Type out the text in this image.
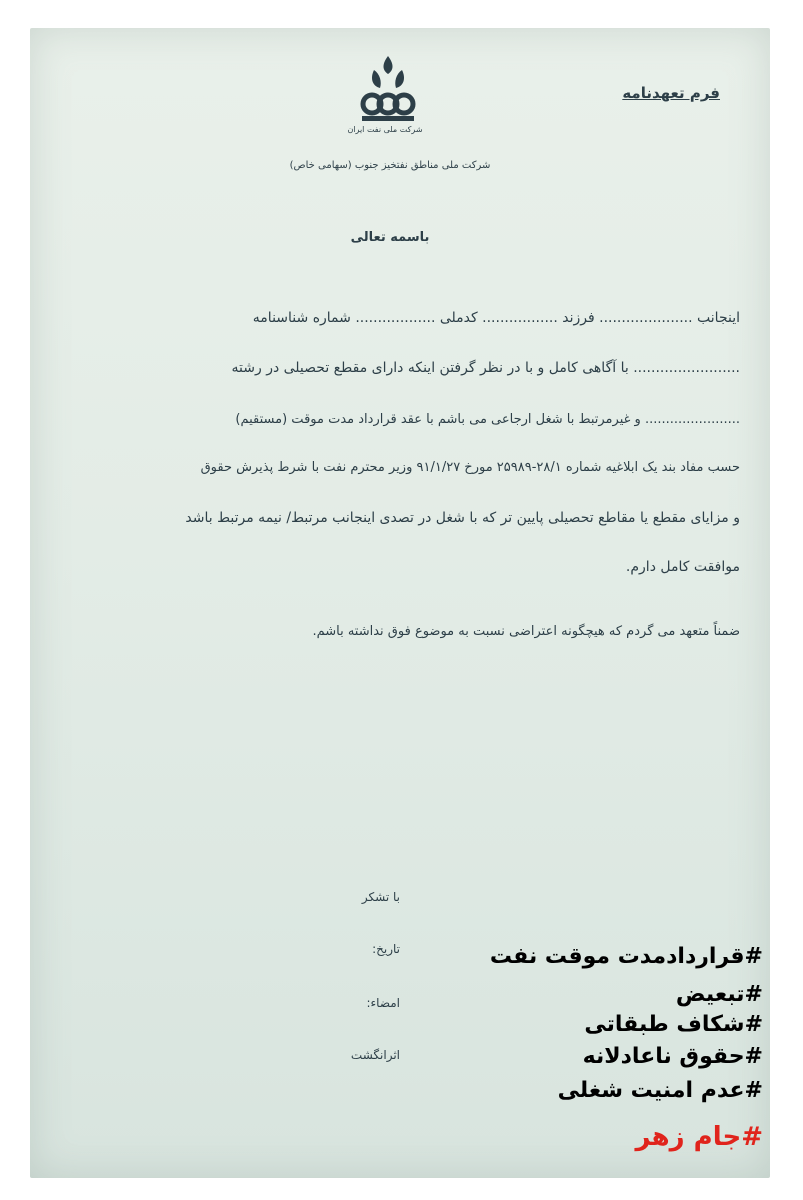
فرم تعهدنامه
شرکت ملی نفت ایران
شرکت ملی مناطق نفتخیز جنوب (سهامی خاص)
باسمه تعالی
اینجانب ..................... فرزند ................. کدملی .................. شماره شناسنامه
........................ با آگاهی کامل و با در نظر گرفتن اینکه دارای مقطع تحصیلی در رشته
....................... و غیرمرتبط با شغل ارجاعی می باشم با عقد قرارداد مدت موقت (مستقیم)
حسب مفاد بند یک ابلاغیه شماره ۲۸/۱-۲۵۹۸۹ مورخ ۹۱/۱/۲۷ وزیر محترم نفت با شرط پذیرش حقوق
و مزایای مقطع یا مقاطع تحصیلی پایین تر که با شغل در تصدی اینجانب مرتبط/ نیمه مرتبط باشد
موافقت کامل دارم.
ضمناً متعهد می گردم که هیچگونه اعتراضی نسبت به موضوع فوق نداشته باشم.
با تشکر
تاریخ:
امضاء:
اثرانگشت
#قراردادمدت موقت نفت
#تبعیض
#شکاف طبقاتی
#حقوق ناعادلانه
#عدم امنیت شغلی
#جام زهر
